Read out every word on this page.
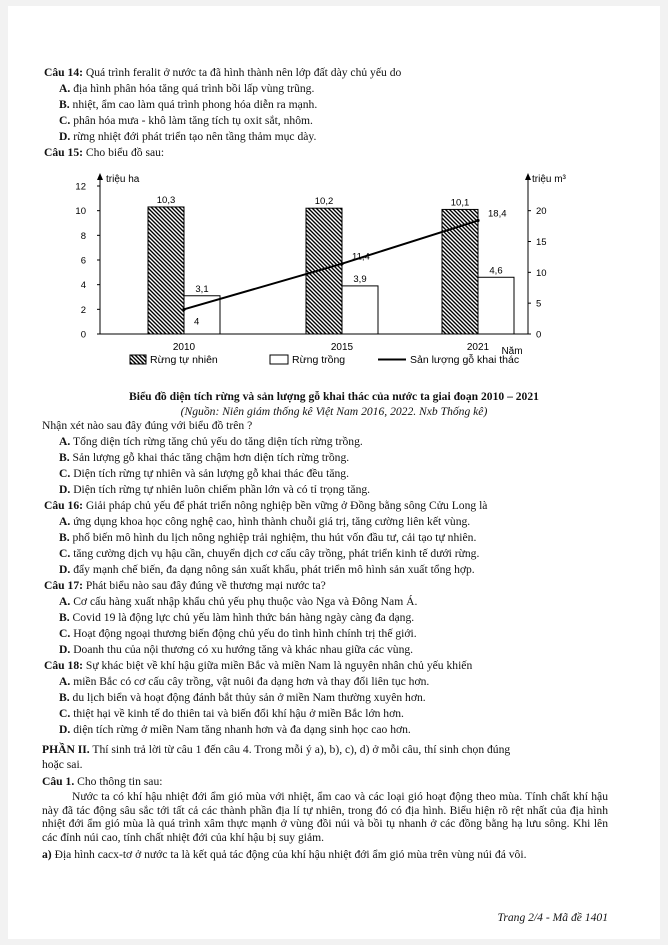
Câu 14: Quá trình feralit ở nước ta đã hình thành nên lớp đất dày chủ yếu do
A. địa hình phân hóa tăng quá trình bồi lấp vùng trũng.
B. nhiệt, ẩm cao làm quá trình phong hóa diễn ra mạnh.
C. phân hóa mưa - khô làm tăng tích tụ oxit sắt, nhôm.
D. rừng nhiệt đới phát triển tạo nên tầng thảm mục dày.
Câu 15: Cho biểu đồ sau:
0
2
4
6
8
10
12
triệu ha
0
5
10
15
20
triệu m³
10,3
3,1
10,2
3,9
10,1
4,6
2010	2015	2021 Năm
4
11,4
18,4
Rừng tự nhiên	Rừng trồng	Sản lượng gỗ khai thác
Biểu đồ diện tích rừng và sản lượng gỗ khai thác của nước ta giai đoạn 2010 – 2021
(Nguồn: Niên giám thống kê Việt Nam 2016, 2022. Nxb Thống kê)
Nhận xét nào sau đây đúng với biểu đồ trên ?
A. Tổng diện tích rừng tăng chủ yếu do tăng diện tích rừng trồng.
B. Sản lượng gỗ khai thác tăng chậm hơn diện tích rừng trồng.
C. Diện tích rừng tự nhiên và sản lượng gỗ khai thác đều tăng.
D. Diện tích rừng tự nhiên luôn chiếm phần lớn và có tỉ trọng tăng.
Câu 16: Giải pháp chủ yếu để phát triển nông nghiệp bền vững ở Đồng bằng sông Cửu Long là
A. ứng dụng khoa học công nghệ cao, hình thành chuỗi giá trị, tăng cường liên kết vùng.
B. phổ biến mô hình du lịch nông nghiệp trải nghiệm, thu hút vốn đầu tư, cải tạo tự nhiên.
C. tăng cường dịch vụ hậu cần, chuyển dịch cơ cấu cây trồng, phát triển kinh tế dưới rừng.
D. đẩy mạnh chế biến, đa dạng nông sản xuất khẩu, phát triển mô hình sản xuất tổng hợp.
Câu 17: Phát biểu nào sau đây đúng về thương mại nước ta?
A. Cơ cấu hàng xuất nhập khẩu chủ yếu phụ thuộc vào Nga và Đông Nam Á.
B. Covid 19 là động lực chủ yếu làm hình thức bán hàng ngày càng đa dạng.
C. Hoạt động ngoại thương biến động chủ yếu do tình hình chính trị thế giới.
D. Doanh thu của nội thương có xu hướng tăng và khác nhau giữa các vùng.
Câu 18: Sự khác biệt về khí hậu giữa miền Bắc và miền Nam là nguyên nhân chủ yếu khiến
A. miền Bắc có cơ cấu cây trồng, vật nuôi đa dạng hơn và thay đổi liên tục hơn.
B. du lịch biển và hoạt động đánh bắt thủy sản ở miền Nam thường xuyên hơn.
C. thiệt hại về kinh tế do thiên tai và biến đổi khí hậu ở miền Bắc lớn hơn.
D. diện tích rừng ở miền Nam tăng nhanh hơn và đa dạng sinh học cao hơn.
PHẦN II. Thí sinh trả lời từ câu 1 đến câu 4. Trong mỗi ý a), b), c), d) ở mỗi câu, thí sinh chọn đúng
hoặc sai.
Câu 1. Cho thông tin sau:
Nước ta có khí hậu nhiệt đới ẩm gió mùa với nhiệt, ẩm cao và các loại gió hoạt động theo mùa. Tính chất khí hậu này đã tác động sâu sắc tới tất cả các thành phần địa lí tự nhiên, trong đó có địa hình. Biểu hiện rõ rệt nhất của địa hình nhiệt đới ẩm gió mùa là quá trình xâm thực mạnh ở vùng đồi núi và bồi tụ nhanh ở các đồng bằng hạ lưu sông. Khi lên các đỉnh núi cao, tính chất nhiệt đới của khí hậu bị suy giảm.
a) Địa hình cacx-tơ ở nước ta là kết quả tác động của khí hậu nhiệt đới ẩm gió mùa trên vùng núi đá vôi.
Trang 2/4 - Mã đề 1401
